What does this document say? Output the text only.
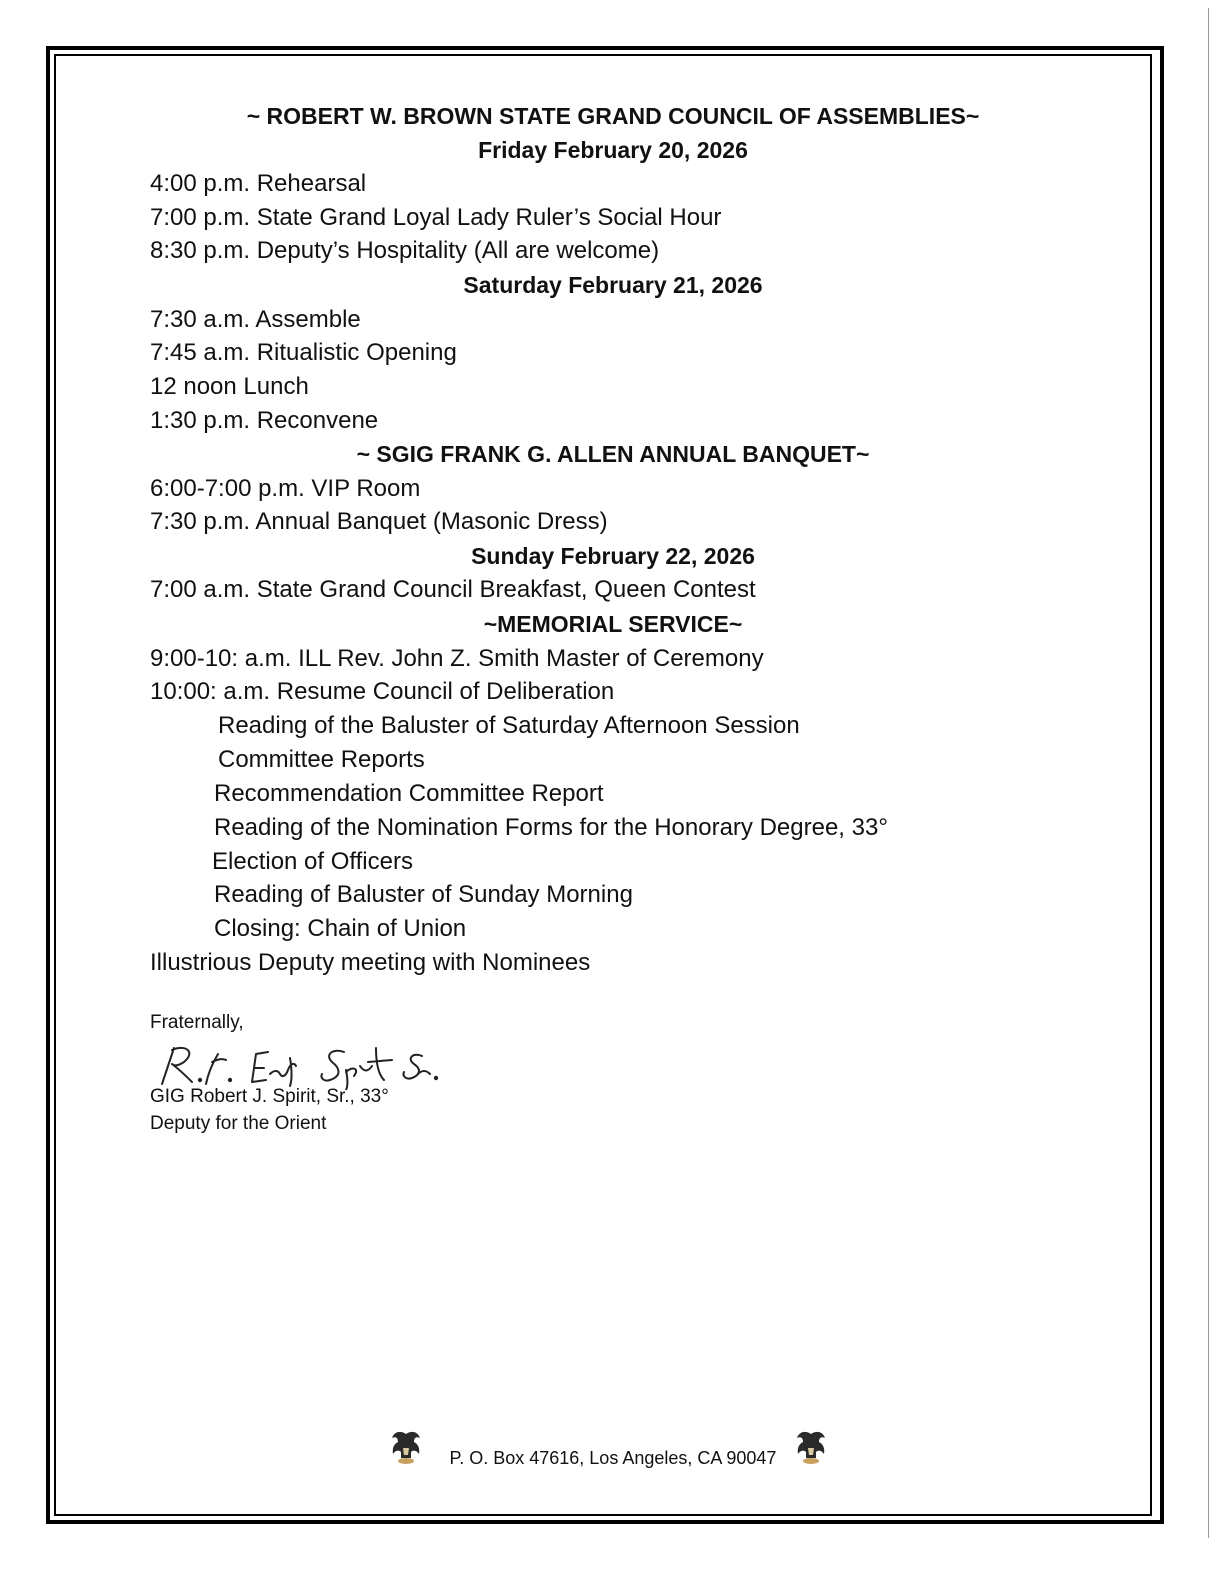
~ ROBERT W. BROWN STATE GRAND COUNCIL OF ASSEMBLIES~
Friday February 20, 2026
4:00 p.m. Rehearsal
7:00 p.m. State Grand Loyal Lady Ruler’s Social Hour
8:30 p.m. Deputy’s Hospitality (All are welcome)
Saturday February 21, 2026
7:30 a.m. Assemble
7:45 a.m. Ritualistic Opening
12 noon Lunch
1:30 p.m. Reconvene
~ SGIG FRANK G. ALLEN ANNUAL BANQUET~
6:00-7:00 p.m. VIP Room
7:30 p.m. Annual Banquet (Masonic Dress)
Sunday February 22, 2026
7:00 a.m. State Grand Council Breakfast, Queen Contest
~MEMORIAL SERVICE~
9:00-10: a.m. ILL Rev. John Z. Smith Master of Ceremony
10:00: a.m. Resume Council of Deliberation
Reading of the Baluster of Saturday Afternoon Session
Committee Reports
Recommendation Committee Report
Reading of the Nomination Forms for the Honorary Degree, 33°
Election of Officers
Reading of Baluster of Sunday Morning
Closing: Chain of Union
Illustrious Deputy meeting with Nominees
Fraternally,
GIG Robert J. Spirit, Sr., 33°
Deputy for the Orient
P. O. Box 47616, Los Angeles, CA 90047
